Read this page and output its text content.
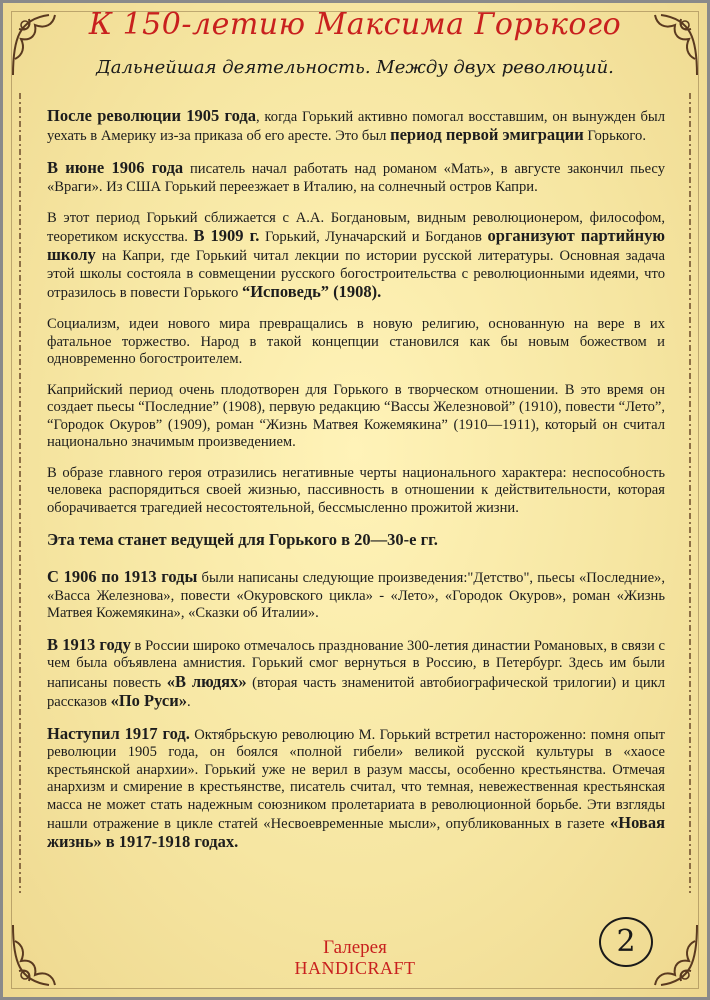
К 150-летию Максима Горького
Дальнейшая деятельность. Между двух революций.

После революции 1905 года, когда Горький активно помогал восставшим, он вынужден был уехать в Америку из-за приказа об его аресте. Это был период первой эмиграции Горького.

В июне 1906 года писатель начал работать над романом «Мать», в августе закончил пьесу «Враги». Из США Горький переезжает в Италию, на солнечный остров Капри.

В этот период Горький сближается с А.А. Богдановым, видным революционером, философом, теоретиком искусства. В 1909 г. Горький, Луначарский и Богданов организуют партийную школу на Капри, где Горький читал лекции по истории русской литературы. Основная задача этой школы состояла в совмещении русского богостроительства с революционными идеями, что отразилось в повести Горького “Исповедь” (1908).

Социализм, идеи нового мира превращались в новую религию, основанную на вере в их фатальное торжество. Народ в такой концепции становился как бы новым божеством и одновременно богостроителем.

Каприйский период очень плодотворен для Горького в творческом отношении. В это время он создает пьесы “Последние” (1908), первую редакцию “Вассы Железновой” (1910), повести “Лето”, “Городок Окуров” (1909), роман “Жизнь Матвея Кожемякина” (1910—1911), который он считал национально значимым произведением.

В образе главного героя отразились негативные черты национального характера: неспособность человека распорядиться своей жизнью, пассивность в отношении к действительности, которая оборачивается трагедией несостоятельной, бессмысленно прожитой жизни.

Эта тема станет ведущей для Горького в 20—30-е гг.

С 1906 по 1913 годы были написаны следующие произведения:"Детство", пьесы «Последние», «Васса Железнова», повести «Окуровского цикла» - «Лето», «Городок Окуров», роман «Жизнь Матвея Кожемякина», «Сказки об Италии».

В 1913 году в России широко отмечалось празднование 300-летия династии Романовых, в связи с чем была объявлена амнистия. Горький смог вернуться в Россию, в Петербург. Здесь им были написаны повесть «В людях» (вторая часть знаменитой автобиографической трилогии) и цикл рассказов «По Руси».

Наступил 1917 год. Октябрьскую революцию М. Горький встретил настороженно: помня опыт революции 1905 года, он боялся «полной гибели» великой русской культуры в «хаосе крестьянской анархии». Горький уже не верил в разум массы, особенно крестьянства. Отмечая анархизм и смирение в крестьянстве, писатель считал, что темная, невежественная крестьянская масса не может стать надежным союзником пролетариата в революционной борьбе. Эти взгляды нашли отражение в цикле статей «Несвоевременные мысли», опубликованных в газете «Новая жизнь» в 1917-1918 годах.

Галерея
HANDICRAFT
2
